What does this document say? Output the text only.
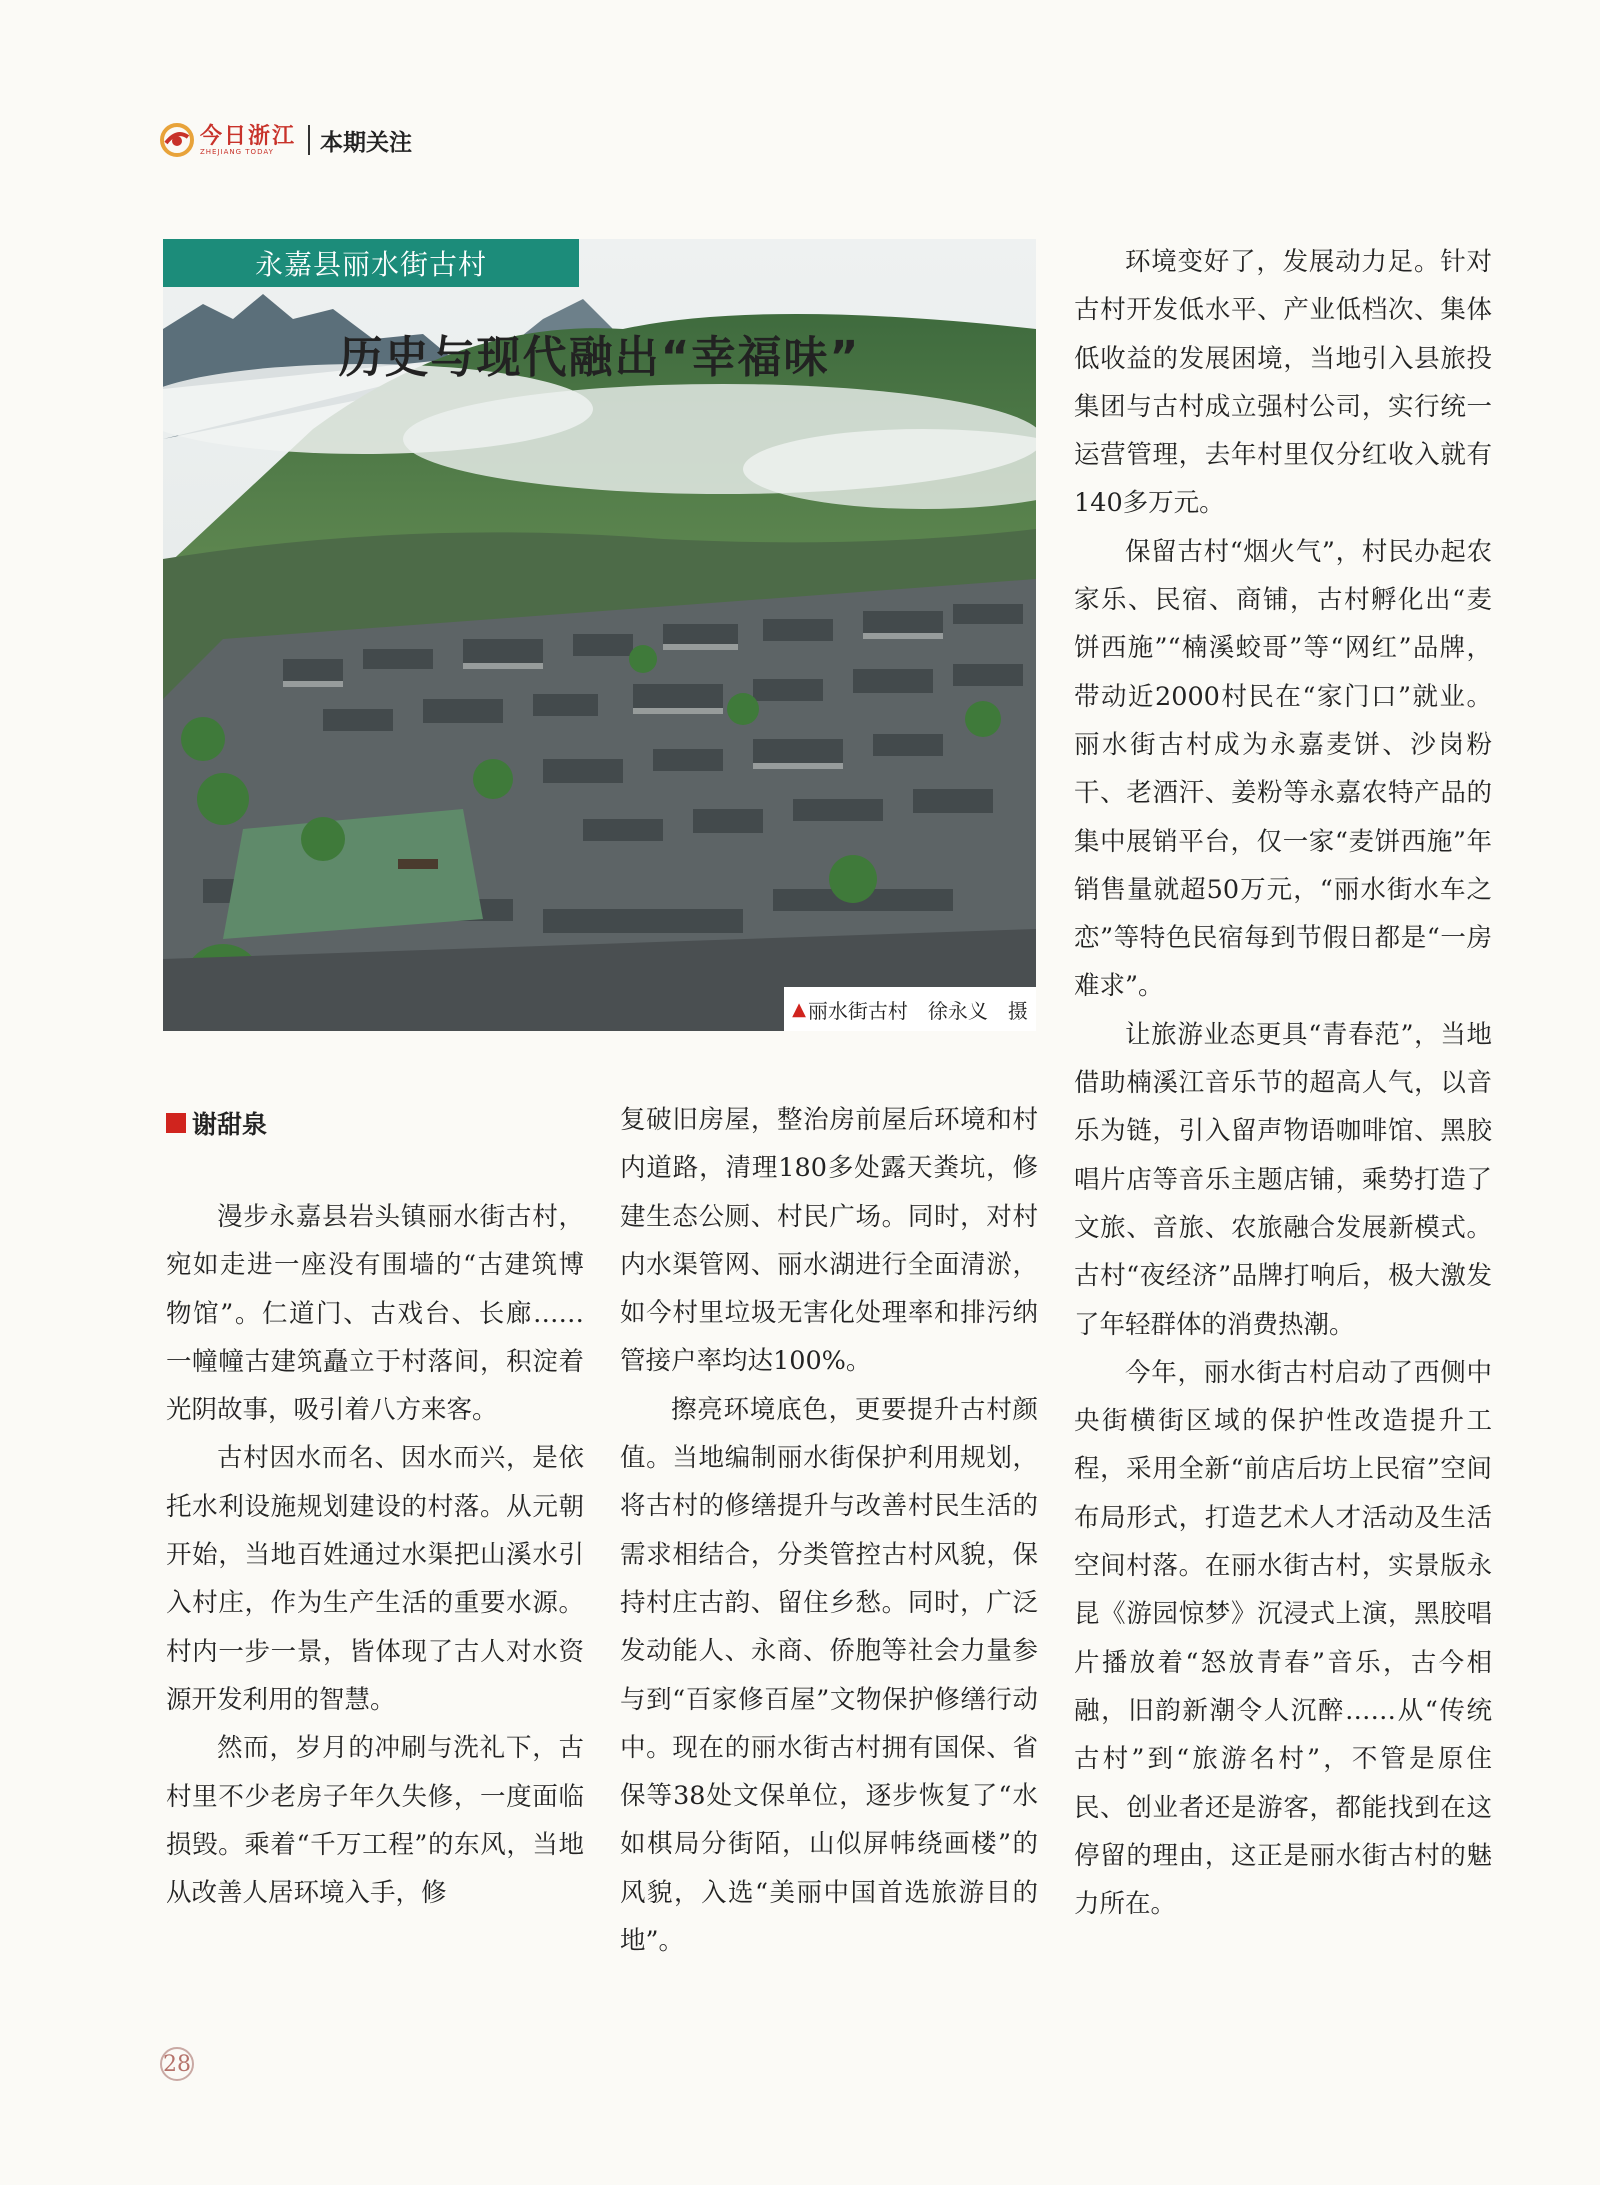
今日浙江
ZHEJIANG TODAY	本期关注
永嘉县丽水街古村
历史与现代融出“幸福味”
▲ 丽水街古村　徐永义　摄
谢甜泉

漫步永嘉县岩头镇丽水街古村，宛如走进一座没有围墙的“古建筑博物馆”。仁道门、古戏台、长廊……一幢幢古建筑矗立于村落间，积淀着光阴故事，吸引着八方来客。

古村因水而名、因水而兴，是依托水利设施规划建设的村落。从元朝开始，当地百姓通过水渠把山溪水引入村庄，作为生产生活的重要水源。村内一步一景，皆体现了古人对水资源开发利用的智慧。

然而，岁月的冲刷与洗礼下，古村里不少老房子年久失修，一度面临损毁。乘着“千万工程”的东风，当地从改善人居环境入手，修

复破旧房屋，整治房前屋后环境和村内道路，清理180多处露天粪坑，修建生态公厕、村民广场。同时，对村内水渠管网、丽水湖进行全面清淤，如今村里垃圾无害化处理率和排污纳管接户率均达100%。

擦亮环境底色，更要提升古村颜值。当地编制丽水街保护利用规划，将古村的修缮提升与改善村民生活的需求相结合，分类管控古村风貌，保持村庄古韵、留住乡愁。同时，广泛发动能人、永商、侨胞等社会力量参与到“百家修百屋”文物保护修缮行动中。现在的丽水街古村拥有国保、省保等38处文保单位，逐步恢复了“水如棋局分街陌，山似屏帏绕画楼”的风貌，入选“美丽中国首选旅游目的地”。

环境变好了，发展动力足。针对古村开发低水平、产业低档次、集体低收益的发展困境，当地引入县旅投集团与古村成立强村公司，实行统一运营管理，去年村里仅分红收入就有140多万元。

保留古村“烟火气”，村民办起农家乐、民宿、商铺，古村孵化出“麦饼西施”“楠溪蛟哥”等“网红”品牌，带动近2000村民在“家门口”就业。丽水街古村成为永嘉麦饼、沙岗粉干、老酒汗、姜粉等永嘉农特产品的集中展销平台，仅一家“麦饼西施”年销售量就超50万元，“丽水街水车之恋”等特色民宿每到节假日都是“一房难求”。

让旅游业态更具“青春范”，当地借助楠溪江音乐节的超高人气，以音乐为链，引入留声物语咖啡馆、黑胶唱片店等音乐主题店铺，乘势打造了文旅、音旅、农旅融合发展新模式。古村“夜经济”品牌打响后，极大激发了年轻群体的消费热潮。

今年，丽水街古村启动了西侧中央街横街区域的保护性改造提升工程，采用全新“前店后坊上民宿”空间布局形式，打造艺术人才活动及生活空间村落。在丽水街古村，实景版永昆《游园惊梦》沉浸式上演，黑胶唱片播放着“怒放青春”音乐，古今相融，旧韵新潮令人沉醉……从“传统古村”到“旅游名村”，不管是原住民、创业者还是游客，都能找到在这停留的理由，这正是丽水街古村的魅力所在。

28
